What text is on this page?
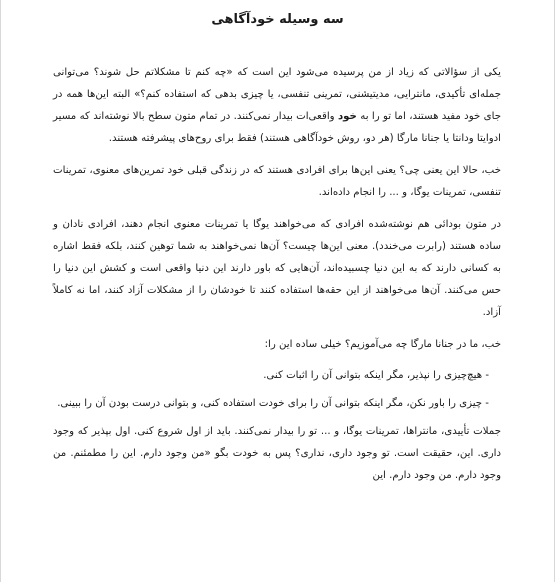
سه وسیله خودآگاهی

یکی از سؤالاتی که زیاد از من پرسیده می‌شود این است که «چه کنم تا مشکلاتم حل شوند؟ می‌توانی جمله‌ای تأکیدی، مانترایی، مدیتیشنی، تمرینی تنفسی، یا چیزی بدهی که استفاده کنم؟» البته این‌ها همه در جای خود مفید هستند، اما تو را به خود واقعی‌ات بیدار نمی‌کنند. در تمام متون سطح بالا نوشته‌اند که مسیر ادوایتا ودانتا یا جنانا مارگا (هر دو، روش خودآگاهی هستند) فقط برای روح‌های پیشرفته هستند.

خب، حالا این یعنی چی؟ یعنی این‌ها برای افرادی هستند که در زندگی قبلی خود تمرین‌های معنوی، تمرینات تنفسی، تمرینات یوگا، و ... را انجام داده‌اند.

در متون بودائی هم نوشته‌شده افرادی که می‌خواهند یوگا یا تمرینات معنوی انجام دهند، افرادی نادان و ساده هستند (رابرت می‌خندد). معنی این‌ها چیست؟ آن‌ها نمی‌خواهند به شما توهین کنند، بلکه فقط اشاره به کسانی دارند که به این دنیا چسبیده‌اند، آن‌هایی که باور دارند این دنیا واقعی است و کشش این دنیا را حس می‌کنند. آن‌ها می‌خواهند از این حقه‌ها استفاده کنند تا خودشان را از مشکلات آزاد کنند، اما نه کاملاً آزاد.

خب، ما در جنانا مارگا چه می‌آموزیم؟ خیلی ساده این را:

- هیچ‌چیزی را نپذیر، مگر اینکه بتوانی آن را اثبات کنی.

- چیزی را باور نکن، مگر اینکه بتوانی آن را برای خودت استفاده کنی، و بتوانی درست بودن آن را ببینی.

جملات تأییدی، مانتراها، تمرینات یوگا، و ... تو را بیدار نمی‌کنند. باید از اول شروع کنی. اول بپذیر که وجود داری. این، حقیقت است. تو وجود داری، نداری؟ پس به خودت بگو «من وجود دارم. این را مطمئنم. من وجود دارم. من وجود دارم. این
